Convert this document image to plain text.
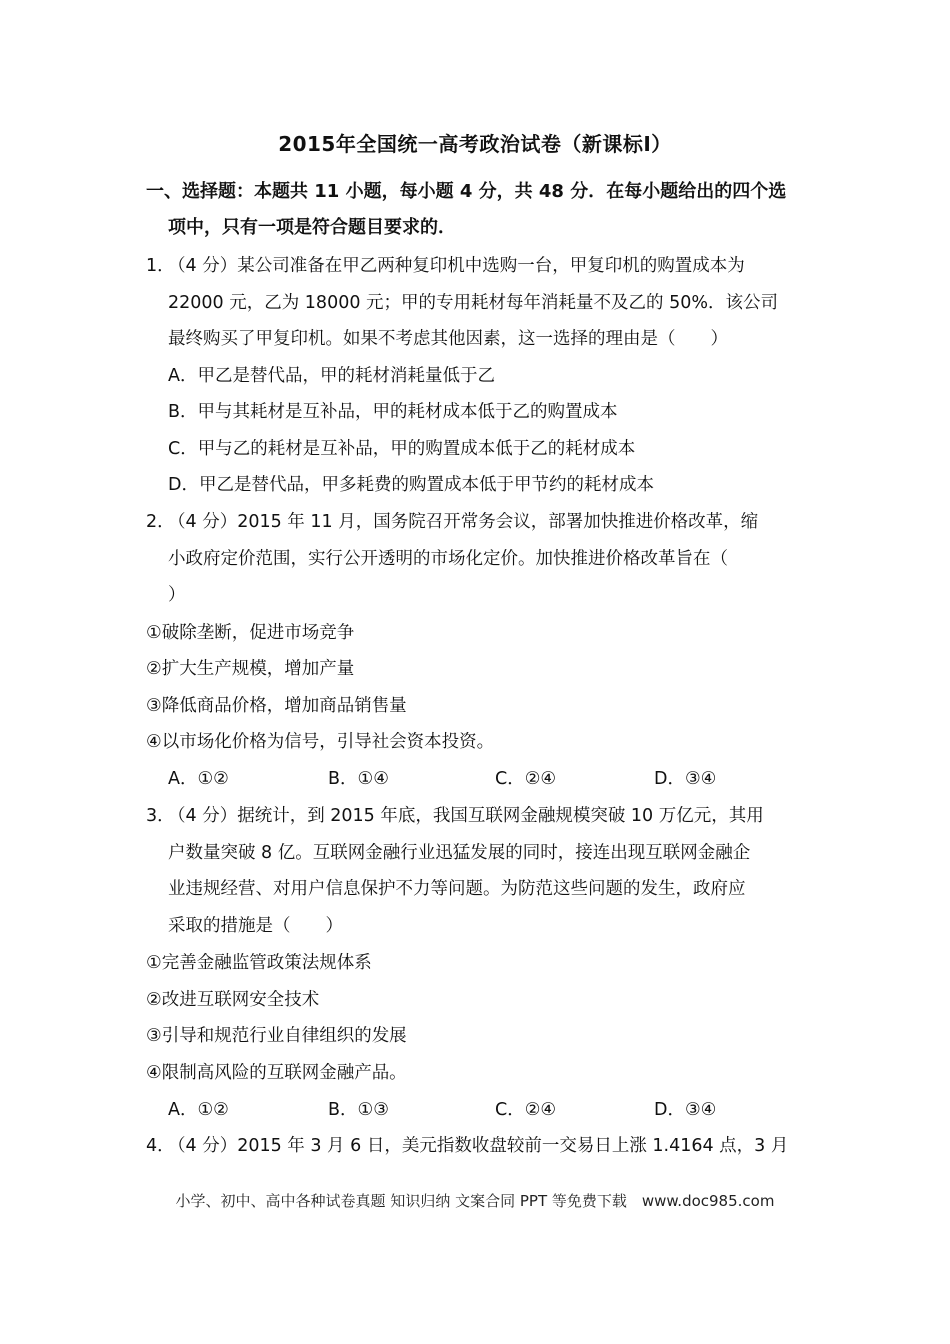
2015年全国统一高考政治试卷（新课标I）
一、选择题：本题共 11 小题，每小题 4 分，共 48 分．在每小题给出的四个选
项中，只有一项是符合题目要求的．
1．
（4 分）某公司准备在甲乙两种复印机中选购一台，甲复印机的购置成本为
22000 元，乙为 18000 元；甲的专用耗材每年消耗量不及乙的 50%．该公司
最终购买了甲复印机。如果不考虑其他因素，这一选择的理由是（　　）
A．甲乙是替代品，甲的耗材消耗量低于乙
B．甲与其耗材是互补品，甲的耗材成本低于乙的购置成本
C．甲与乙的耗材是互补品，甲的购置成本低于乙的耗材成本
D．甲乙是替代品，甲多耗费的购置成本低于甲节约的耗材成本
2．
（4 分）2015 年 11 月，国务院召开常务会议，部署加快推进价格改革，缩
小政府定价范围，实行公开透明的市场化定价。加快推进价格改革旨在（
）
①破除垄断，促进市场竞争
②扩大生产规模，增加产量
③降低商品价格，增加商品销售量
④以市场化价格为信号，引导社会资本投资。
A．①②	B．①④	C．②④	D．③④
3．
（4 分）据统计，到 2015 年底，我国互联网金融规模突破 10 万亿元，其用
户数量突破 8 亿。互联网金融行业迅猛发展的同时，接连出现互联网金融企
业违规经营、对用户信息保护不力等问题。为防范这些问题的发生，政府应
采取的措施是（　　）
①完善金融监管政策法规体系
②改进互联网安全技术
③引导和规范行业自律组织的发展
④限制高风险的互联网金融产品。
A．①②	B．①③	C．②④	D．③④
4．
（4 分）2015 年 3 月 6 日，美元指数收盘较前一交易日上涨 1.4164 点，3 月
小学、初中、高中各种试卷真题 知识归纳 文案合同 PPT 等免费下载　www.doc985.com
